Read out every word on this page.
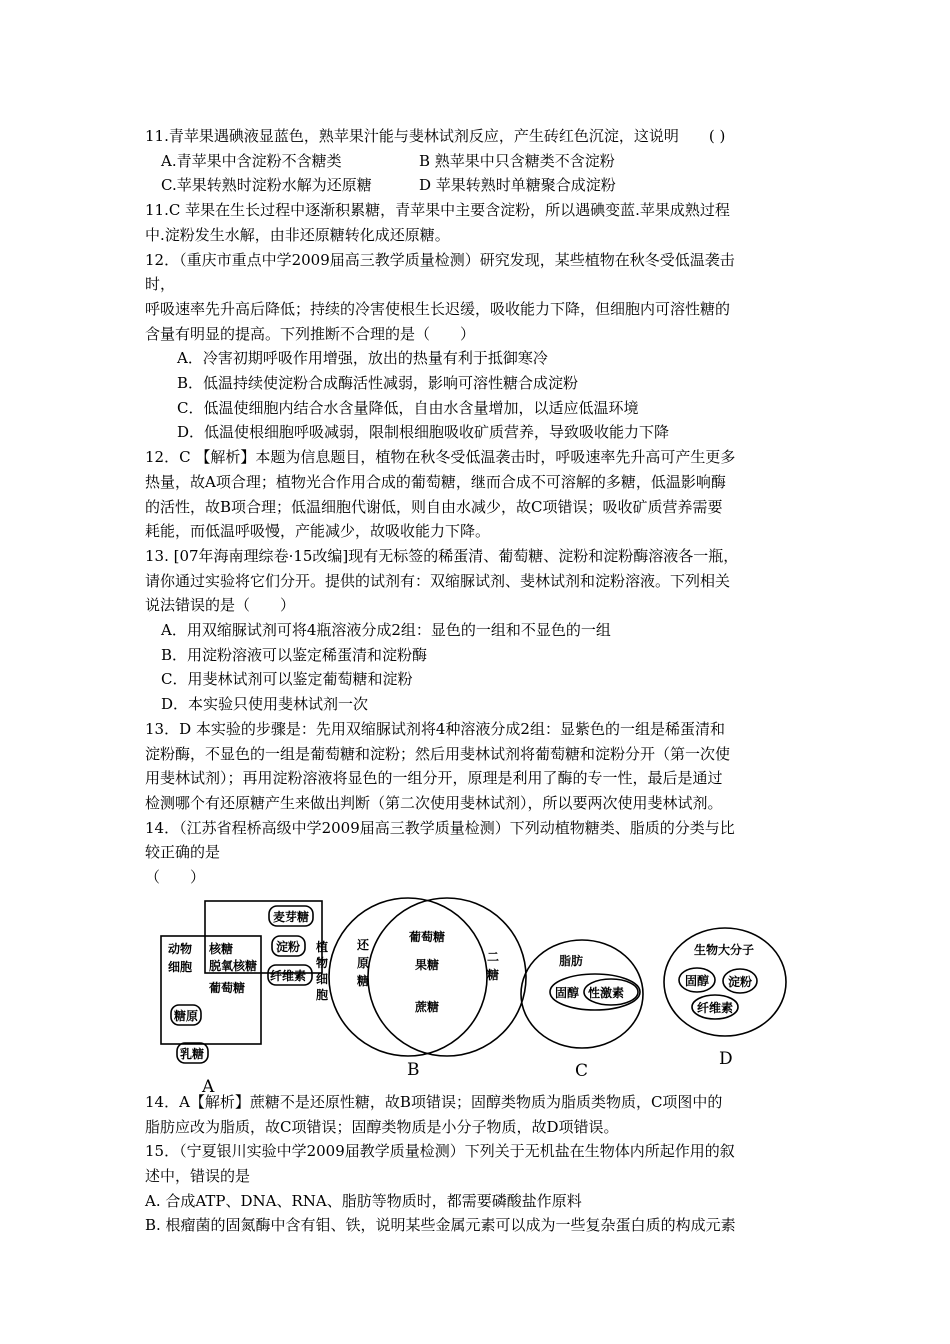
11.青苹果遇碘液显蓝色，熟苹果汁能与斐林试剂反应，产生砖红色沉淀，这说明　　( )
A.青苹果中含淀粉不含糖类	B 熟苹果中只含糖类不含淀粉
C.苹果转熟时淀粉水解为还原糖	D 苹果转熟时单糖聚合成淀粉
11.C 苹果在生长过程中逐渐积累糖，青苹果中主要含淀粉，所以遇碘变蓝.苹果成熟过程
中.淀粉发生水解，由非还原糖转化成还原糖。
12．（重庆市重点中学2009届高三教学质量检测）研究发现，某些植物在秋冬受低温袭击
时，
呼吸速率先升高后降低；持续的冷害使根生长迟缓，吸收能力下降，但细胞内可溶性糖的
含量有明显的提高。下列推断不合理的是（　　）
A．冷害初期呼吸作用增强，放出的热量有利于抵御寒冷
B．低温持续使淀粉合成酶活性减弱，影响可溶性糖合成淀粉
C．低温使细胞内结合水含量降低，自由水含量增加，以适应低温环境
D．低温使根细胞呼吸减弱，限制根细胞吸收矿质营养，导致吸收能力下降
12．C 【解析】本题为信息题目，植物在秋冬受低温袭击时，呼吸速率先升高可产生更多
热量，故A项合理；植物光合作用合成的葡萄糖，继而合成不可溶解的多糖，低温影响酶
的活性，故B项合理；低温细胞代谢低，则自由水减少，故C项错误；吸收矿质营养需要
耗能，而低温呼吸慢，产能减少，故吸收能力下降。
13. [07年海南理综卷·15改编]现有无标签的稀蛋清、葡萄糖、淀粉和淀粉酶溶液各一瓶，
请你通过实验将它们分开。提供的试剂有：双缩脲试剂、斐林试剂和淀粉溶液。下列相关
说法错误的是（　　）
A．用双缩脲试剂可将4瓶溶液分成2组：显色的一组和不显色的一组
B．用淀粉溶液可以鉴定稀蛋清和淀粉酶
C．用斐林试剂可以鉴定葡萄糖和淀粉
D．本实验只使用斐林试剂一次
13．D 本实验的步骤是：先用双缩脲试剂将4种溶液分成2组：显紫色的一组是稀蛋清和
淀粉酶，不显色的一组是葡萄糖和淀粉；然后用斐林试剂将葡萄糖和淀粉分开（第一次使
用斐林试剂）；再用淀粉溶液将显色的一组分开，原理是利用了酶的专一性，最后是通过
检测哪个有还原糖产生来做出判断（第二次使用斐林试剂），所以要两次使用斐林试剂。
14．（江苏省程桥高级中学2009届高三教学质量检测）下列动植物糖类、脂质的分类与比
较正确的是
（　　）
动物
细胞
核糖
脱氧核糖
葡萄糖
植
物
细
胞
麦芽糖
淀粉
纤维素
糖原
乳糖
A
还
原
糖
二
糖
葡萄糖
果糖
蔗糖
B
脂肪
固醇 性激素
C
生物大分子
固醇 淀粉
纤维素
D
14．A【解析】蔗糖不是还原性糖，故B项错误；固醇类物质为脂质类物质，C项图中的
脂肪应改为脂质，故C项错误；固醇类物质是小分子物质，故D项错误。
15．（宁夏银川实验中学2009届教学质量检测）下列关于无机盐在生物体内所起作用的叙
述中，错误的是
A. 合成ATP、DNA、RNA、脂肪等物质时，都需要磷酸盐作原料
B. 根瘤菌的固氮酶中含有钼、铁，说明某些金属元素可以成为一些复杂蛋白质的构成元素
